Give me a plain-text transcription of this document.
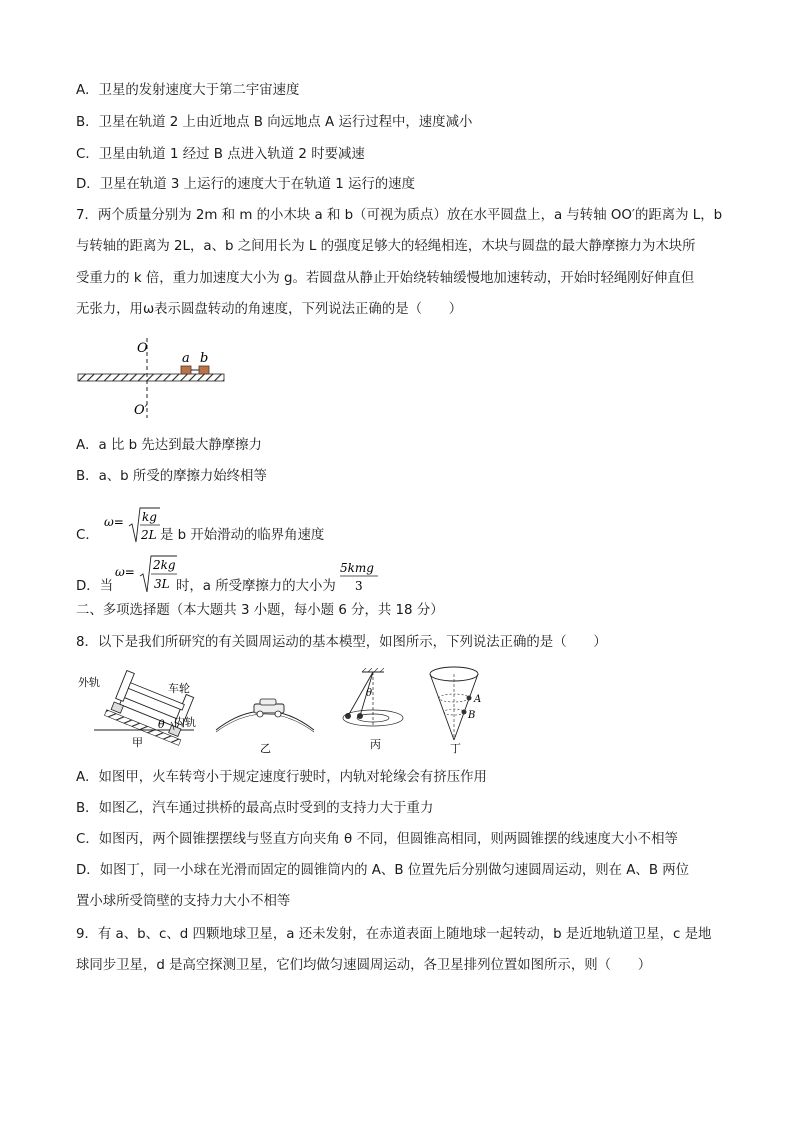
A．卫星的发射速度大于第二宇宙速度
B．卫星在轨道 2 上由近地点 B 向远地点 A 运行过程中，速度减小
C．卫星由轨道 1 经过 B 点进入轨道 2 时要减速
D．卫星在轨道 3 上运行的速度大于在轨道 1 运行的速度
7．两个质量分别为 2m 和 m 的小木块 a 和 b（可视为质点）放在水平圆盘上，a 与转轴 OO′的距离为 L，b
与转轴的距离为 2L，a、b 之间用长为 L 的强度足够大的轻绳相连，木块与圆盘的最大静摩擦力为木块所
受重力的 k 倍，重力加速度大小为 g。若圆盘从静止开始绕转轴缓慢地加速转动，开始时轻绳刚好伸直但
无张力，用ω表示圆盘转动的角速度，下列说法正确的是（　　）
O
O′
a b
A．a 比 b 先达到最大静摩擦力
B．a、b 所受的摩擦力始终相等
C．
ω= kg
2L 是 b 开始滑动的临界角速度
D．当
ω= 2kg
3L 时，a 所受摩擦力的大小为
5kmg
3
二、多项选择题（本大题共 3 小题，每小题 6 分，共 18 分）
8．以下是我们所研究的有关圆周运动的基本模型，如图所示，下列说法正确的是（　　）
外轨	车轮
内轨
θ
甲	乙
θ
丙
A
B
丁
A．如图甲，火车转弯小于规定速度行驶时，内轨对轮缘会有挤压作用
B．如图乙，汽车通过拱桥的最高点时受到的支持力大于重力
C．如图丙，两个圆锥摆摆线与竖直方向夹角 θ 不同，但圆锥高相同，则两圆锥摆的线速度大小不相等
D．如图丁，同一小球在光滑而固定的圆锥筒内的 A、B 位置先后分别做匀速圆周运动，则在 A、B 两位
置小球所受筒壁的支持力大小不相等
9．有 a、b、c、d 四颗地球卫星，a 还未发射，在赤道表面上随地球一起转动，b 是近地轨道卫星，c 是地
球同步卫星，d 是高空探测卫星，它们均做匀速圆周运动，各卫星排列位置如图所示，则（　　）
